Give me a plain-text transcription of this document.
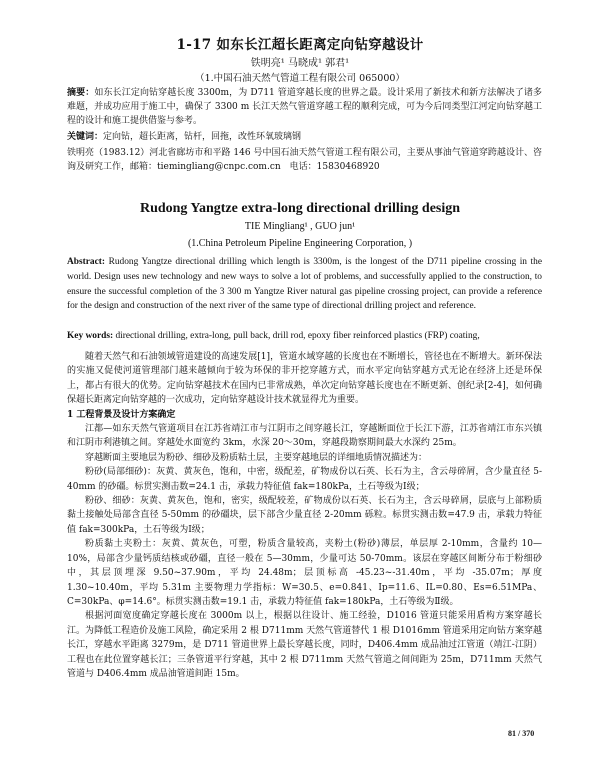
1-17 如东长江超长距离定向钻穿越设计
铁明亮¹ 马晓成¹ 郭君¹
（1.中国石油天然气管道工程有限公司 065000）
摘要：如东长江定向钻穿越长度 3300m，为 D711 管道穿越长度的世界之最。设计采用了新技术和新方法解决了诸多难题，并成功应用于施工中，确保了 3300 m 长江天然气管道穿越工程的顺利完成，可为今后同类型江河定向钻穿越工程的设计和施工提供借鉴与参考。
关键词：定向钻，超长距离，钻杆，回拖，改性环氧玻璃钢
铁明亮（1983.12）河北省廊坊市和平路 146 号中国石油天然气管道工程有限公司，主要从事油气管道穿跨越设计、咨询及研究工作，邮箱：tiemingliang@cnpc.com.cn　电话：15830468920
Rudong Yangtze extra-long directional drilling design
TIE Mingliang¹ , GUO jun¹
(1.China Petroleum Pipeline Engineering Corporation, )
Abstract: Rudong Yangtze directional drilling which length is 3300m, is the longest of the D711 pipeline crossing in the world. Design uses new technology and new ways to solve a lot of problems, and successfully applied to the construction, to ensure the successful completion of the 3 300 m Yangtze River natural gas pipeline crossing project, can provide a reference for the design and construction of the next river of the same type of directional drilling project and reference.
Key words: directional drilling, extra-long, pull back, drill rod, epoxy fiber reinforced plastics (FRP) coating,

随着天然气和石油领域管道建设的高速发展[1]，管道水域穿越的长度也在不断增长，管径也在不断增大。新环保法的实施又促使河道管理部门越来越倾向于较为环保的非开挖穿越方式，而水平定向钻穿越方式无论在经济上还是环保上，都占有很大的优势。定向钻穿越技术在国内已非常成熟，单次定向钻穿越长度也在不断更新、创纪录[2-4]，如何确保超长距离定向钻穿越的一次成功，定向钻穿越设计技术就显得尤为重要。

1 工程背景及设计方案确定

江都—如东天然气管道项目在江苏省靖江市与江阴市之间穿越长江，穿越断面位于长江下游，江苏省靖江市东兴镇和江阴市利港镇之间。穿越处水面宽约 3km，水深 20～30m，穿越段勘察期间最大水深约 25m。

穿越断面主要地层为粉砂、细砂及粉质粘土层，主要穿越地层的详细地质情况描述为：

粉砂(局部细砂)：灰黄、黄灰色，饱和，中密，级配差，矿物成份以石英、长石为主，含云母碎屑，含少量直径 5-40mm 的砂礓。标贯实测击数=24.1 击，承载力特征值 fak=180kPa，土石等级为Ⅰ级；

粉砂、细砂：灰黄、黄灰色，饱和，密实，级配较差，矿物成份以石英、长石为主，含云母碎屑，层底与上部粉质黏土接触处局部含直径 5-50mm 的砂礓块，层下部含少量直径 2-20mm 砾粒。标贯实测击数=47.9 击，承载力特征值 fak=300kPa，土石等级为Ⅰ级；

粉质黏土夹粉土：灰黄、黄灰色，可塑，粉质含量较高，夹粉土(粉砂)薄层，单层厚 2-10mm，含量约 10—10%，局部含少量钙质结核或砂礓，直径一般在 5—30mm，少量可达 50-70mm。该层在穿越区间断分布于粉细砂中，其层顶埋深 9.50~37.90m，平均 24.48m；层顶标高 -45.23~-31.40m，平均 -35.07m；厚度 1.30~10.40m，平均 5.31m 主要物理力学指标：W=30.5、e=0.841、Ip=11.6、IL=0.80、Es=6.51MPa、C=30kPa、φ=14.6°。标贯实测击数=19.1 击，承载力特征值 fak=180kPa，土石等级为Ⅱ级。

根据河面宽度确定穿越长度在 3000m 以上，根据以往设计、施工经验，D1016 管道只能采用盾构方案穿越长江。为降低工程造价及施工风险，确定采用 2 根 D711mm 天然气管道替代 1 根 D1016mm 管道采用定向钻方案穿越长江，穿越水平距离 3279m，是 D711 管道世界上最长穿越长度，同时，D406.4mm 成品油过江管道（靖江-江阴）工程也在此位置穿越长江；三条管道平行穿越，其中 2 根 D711mm 天然气管道之间间距为 25m，D711mm 天然气管道与 D406.4mm 成品油管道间距 15m。

81 / 370
